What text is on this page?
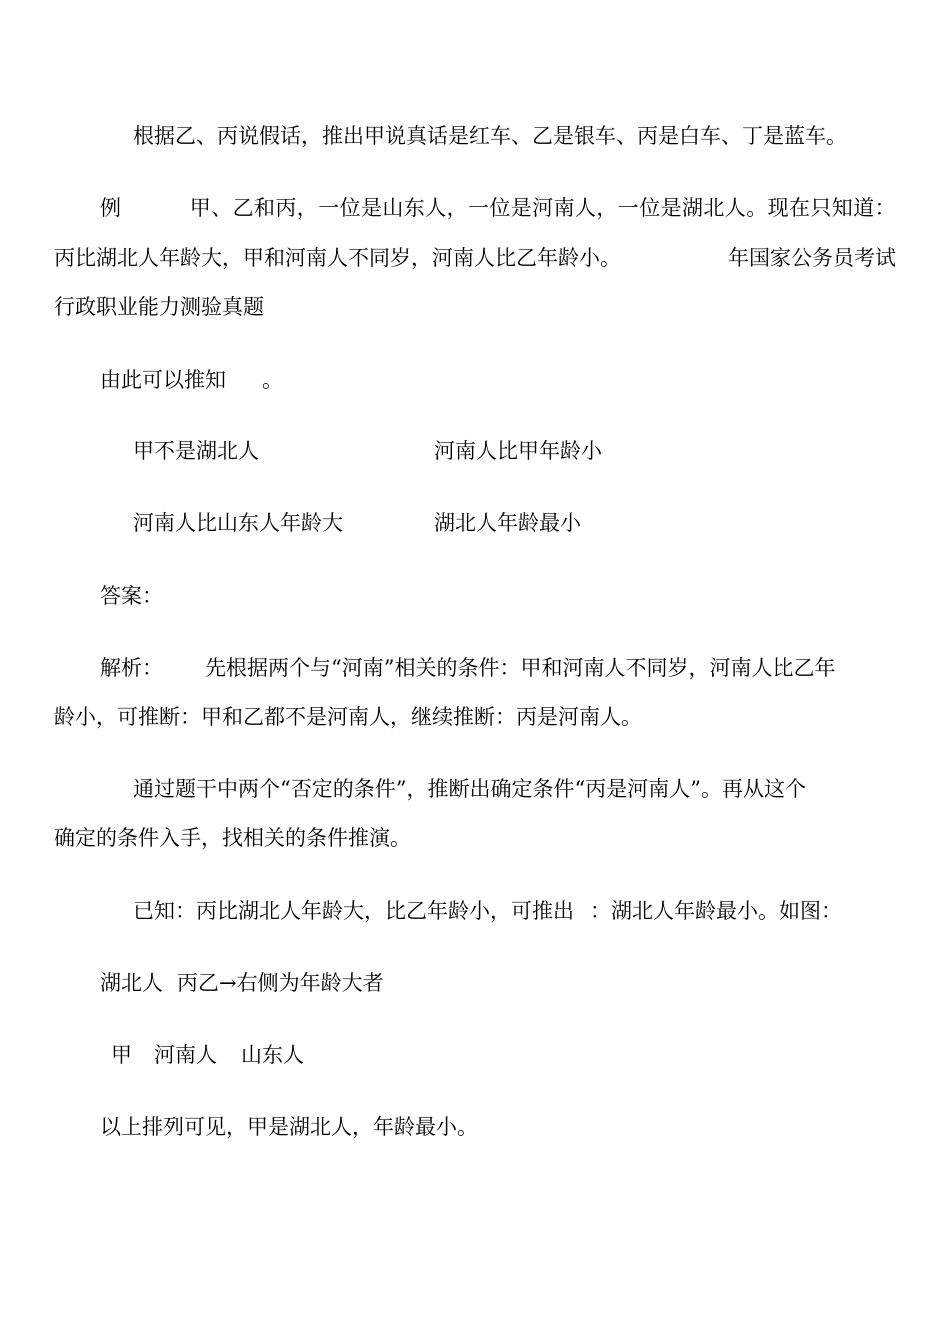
根据乙、丙说假话，推出甲说真话是红车、乙是银车、丙是白车、丁是蓝车。
例	甲、乙和丙，一位是山东人，一位是河南人，一位是湖北人。现在只知道：
丙比湖北人年龄大，甲和河南人不同岁，河南人比乙年龄小。	年国家公务员考试
行政职业能力测验真题
由此可以推知 。
甲不是湖北人	河南人比甲年龄小
河南人比山东人年龄大	湖北人年龄最小
答案：
解析： 先根据两个与“河南”相关的条件：甲和河南人不同岁，河南人比乙年
龄小，可推断：甲和乙都不是河南人，继续推断：丙是河南人。
通过题干中两个“否定的条件”，推断出确定条件“丙是河南人”。再从这个
确定的条件入手，找相关的条件推演。
已知：丙比湖北人年龄大，比乙年龄小，可推出 ：湖北人年龄最小。如图：
湖北人 丙乙→右侧为年龄大者
甲 河南人 山东人
以上排列可见，甲是湖北人，年龄最小。
